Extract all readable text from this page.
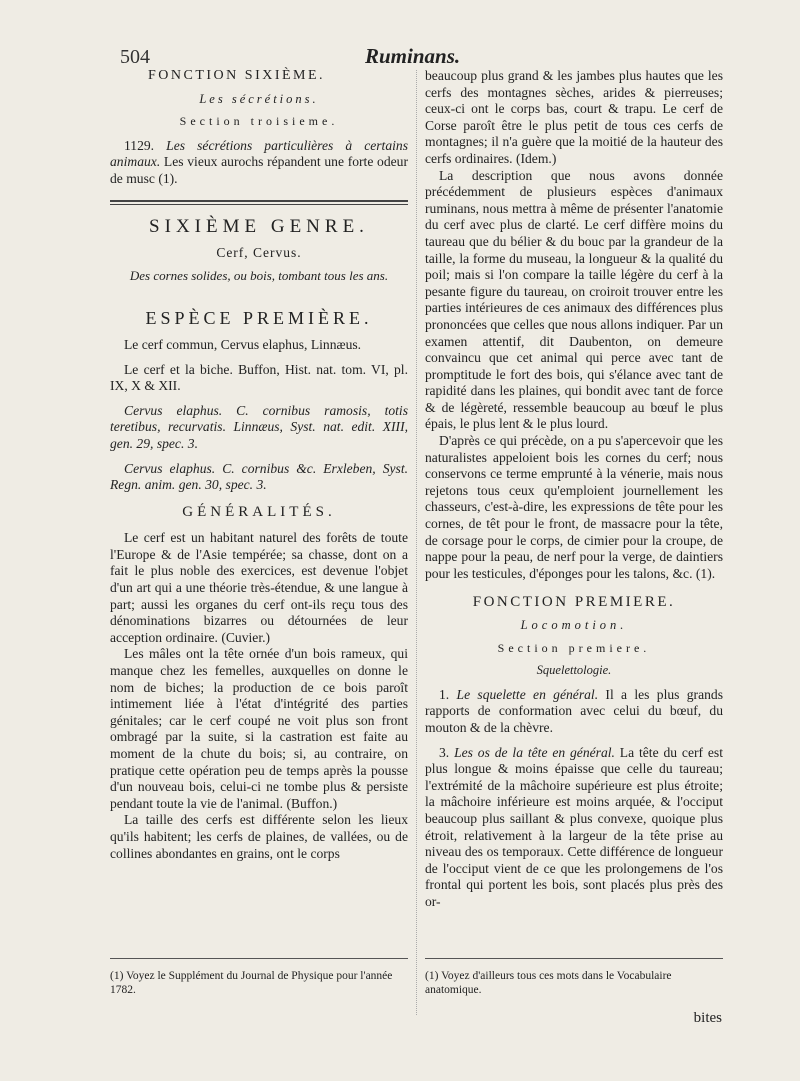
504	Ruminans.
FONCTION SIXIÈME.
Les sécrétions.
Section troisieme.

1129. Les sécrétions particulières à certains animaux. Les vieux aurochs répandent une forte odeur de musc (1).

SIXIÈME GENRE.
Cerf, Cervus.
Des cornes solides, ou bois, tombant tous les ans.
ESPÈCE PREMIÈRE.

Le cerf commun, Cervus elaphus, Linnæus.

Le cerf et la biche. Buffon, Hist. nat. tom. VI, pl. IX, X & XII.

Cervus elaphus. C. cornibus ramosis, totis teretibus, recurvatis. Linnæus, Syst. nat. edit. XIII, gen. 29, spec. 3.

Cervus elaphus. C. cornibus &c. Erxleben, Syst. Regn. anim. gen. 30, spec. 3.

GÉNÉRALITÉS.

Le cerf est un habitant naturel des forêts de toute l'Europe & de l'Asie tempérée; sa chasse, dont on a fait le plus noble des exercices, est devenue l'objet d'un art qui a une théorie très-étendue, & une langue à part; aussi les organes du cerf ont-ils reçu tous des dénominations bizarres ou détournées de leur acception ordinaire. (Cuvier.)

Les mâles ont la tête ornée d'un bois rameux, qui manque chez les femelles, auxquelles on donne le nom de biches; la production de ce bois paroît intimement liée à l'état d'intégrité des parties génitales; car le cerf coupé ne voit plus son front ombragé par la suite, si la castration est faite au moment de la chute du bois; si, au contraire, on pratique cette opération peu de temps après la pousse d'un nouveau bois, celui-ci ne tombe plus & persiste pendant toute la vie de l'animal. (Buffon.)

La taille des cerfs est différente selon les lieux qu'ils habitent; les cerfs de plaines, de vallées, ou de collines abondantes en grains, ont le corps

beaucoup plus grand & les jambes plus hautes que les cerfs des montagnes sèches, arides & pierreuses; ceux-ci ont le corps bas, court & trapu. Le cerf de Corse paroît être le plus petit de tous ces cerfs de montagnes; il n'a guère que la moitié de la hauteur des cerfs ordinaires. (Idem.)

La description que nous avons donnée précédemment de plusieurs espèces d'animaux ruminans, nous mettra à même de présenter l'anatomie du cerf avec plus de clarté. Le cerf diffère moins du taureau que du bélier & du bouc par la grandeur de la taille, la forme du museau, la longueur & la qualité du poil; mais si l'on compare la taille légère du cerf à la pesante figure du taureau, on croiroit trouver entre les parties intérieures de ces animaux des différences plus prononcées que celles que nous allons indiquer. Par un examen attentif, dit Daubenton, on demeure convaincu que cet animal qui perce avec tant de promptitude le fort des bois, qui s'élance avec tant de rapidité dans les plaines, qui bondit avec tant de force & de légèreté, ressemble beaucoup au bœuf le plus épais, le plus lent & le plus lourd.

D'après ce qui précède, on a pu s'apercevoir que les naturalistes appeloient bois les cornes du cerf; nous conservons ce terme emprunté à la vénerie, mais nous rejetons tous ceux qu'emploient journellement les chasseurs, c'est-à-dire, les expressions de tête pour les cornes, de têt pour le front, de massacre pour la tête, de corsage pour le corps, de cimier pour la croupe, de nappe pour la peau, de nerf pour la verge, de daintiers pour les testicules, d'éponges pour les talons, &c. (1).

FONCTION PREMIERE.
Locomotion.
Section premiere.
Squelettologie.

1. Le squelette en général. Il a les plus grands rapports de conformation avec celui du bœuf, du mouton & de la chèvre.

3. Les os de la tête en général. La tête du cerf est plus longue & moins épaisse que celle du taureau; l'extrémité de la mâchoire supérieure est plus étroite; la mâchoire inférieure est moins arquée, & l'occiput beaucoup plus saillant & plus convexe, quoique plus étroit, relativement à la largeur de la tête prise au niveau des os temporaux. Cette différence de longueur de l'occiput vient de ce que les prolongemens de l'os frontal qui portent les bois, sont placés plus près des or-

(1) Voyez le Supplément du Journal de Physique pour l'année 1782.
(1) Voyez d'ailleurs tous ces mots dans le Vocabulaire anatomique.
bites
